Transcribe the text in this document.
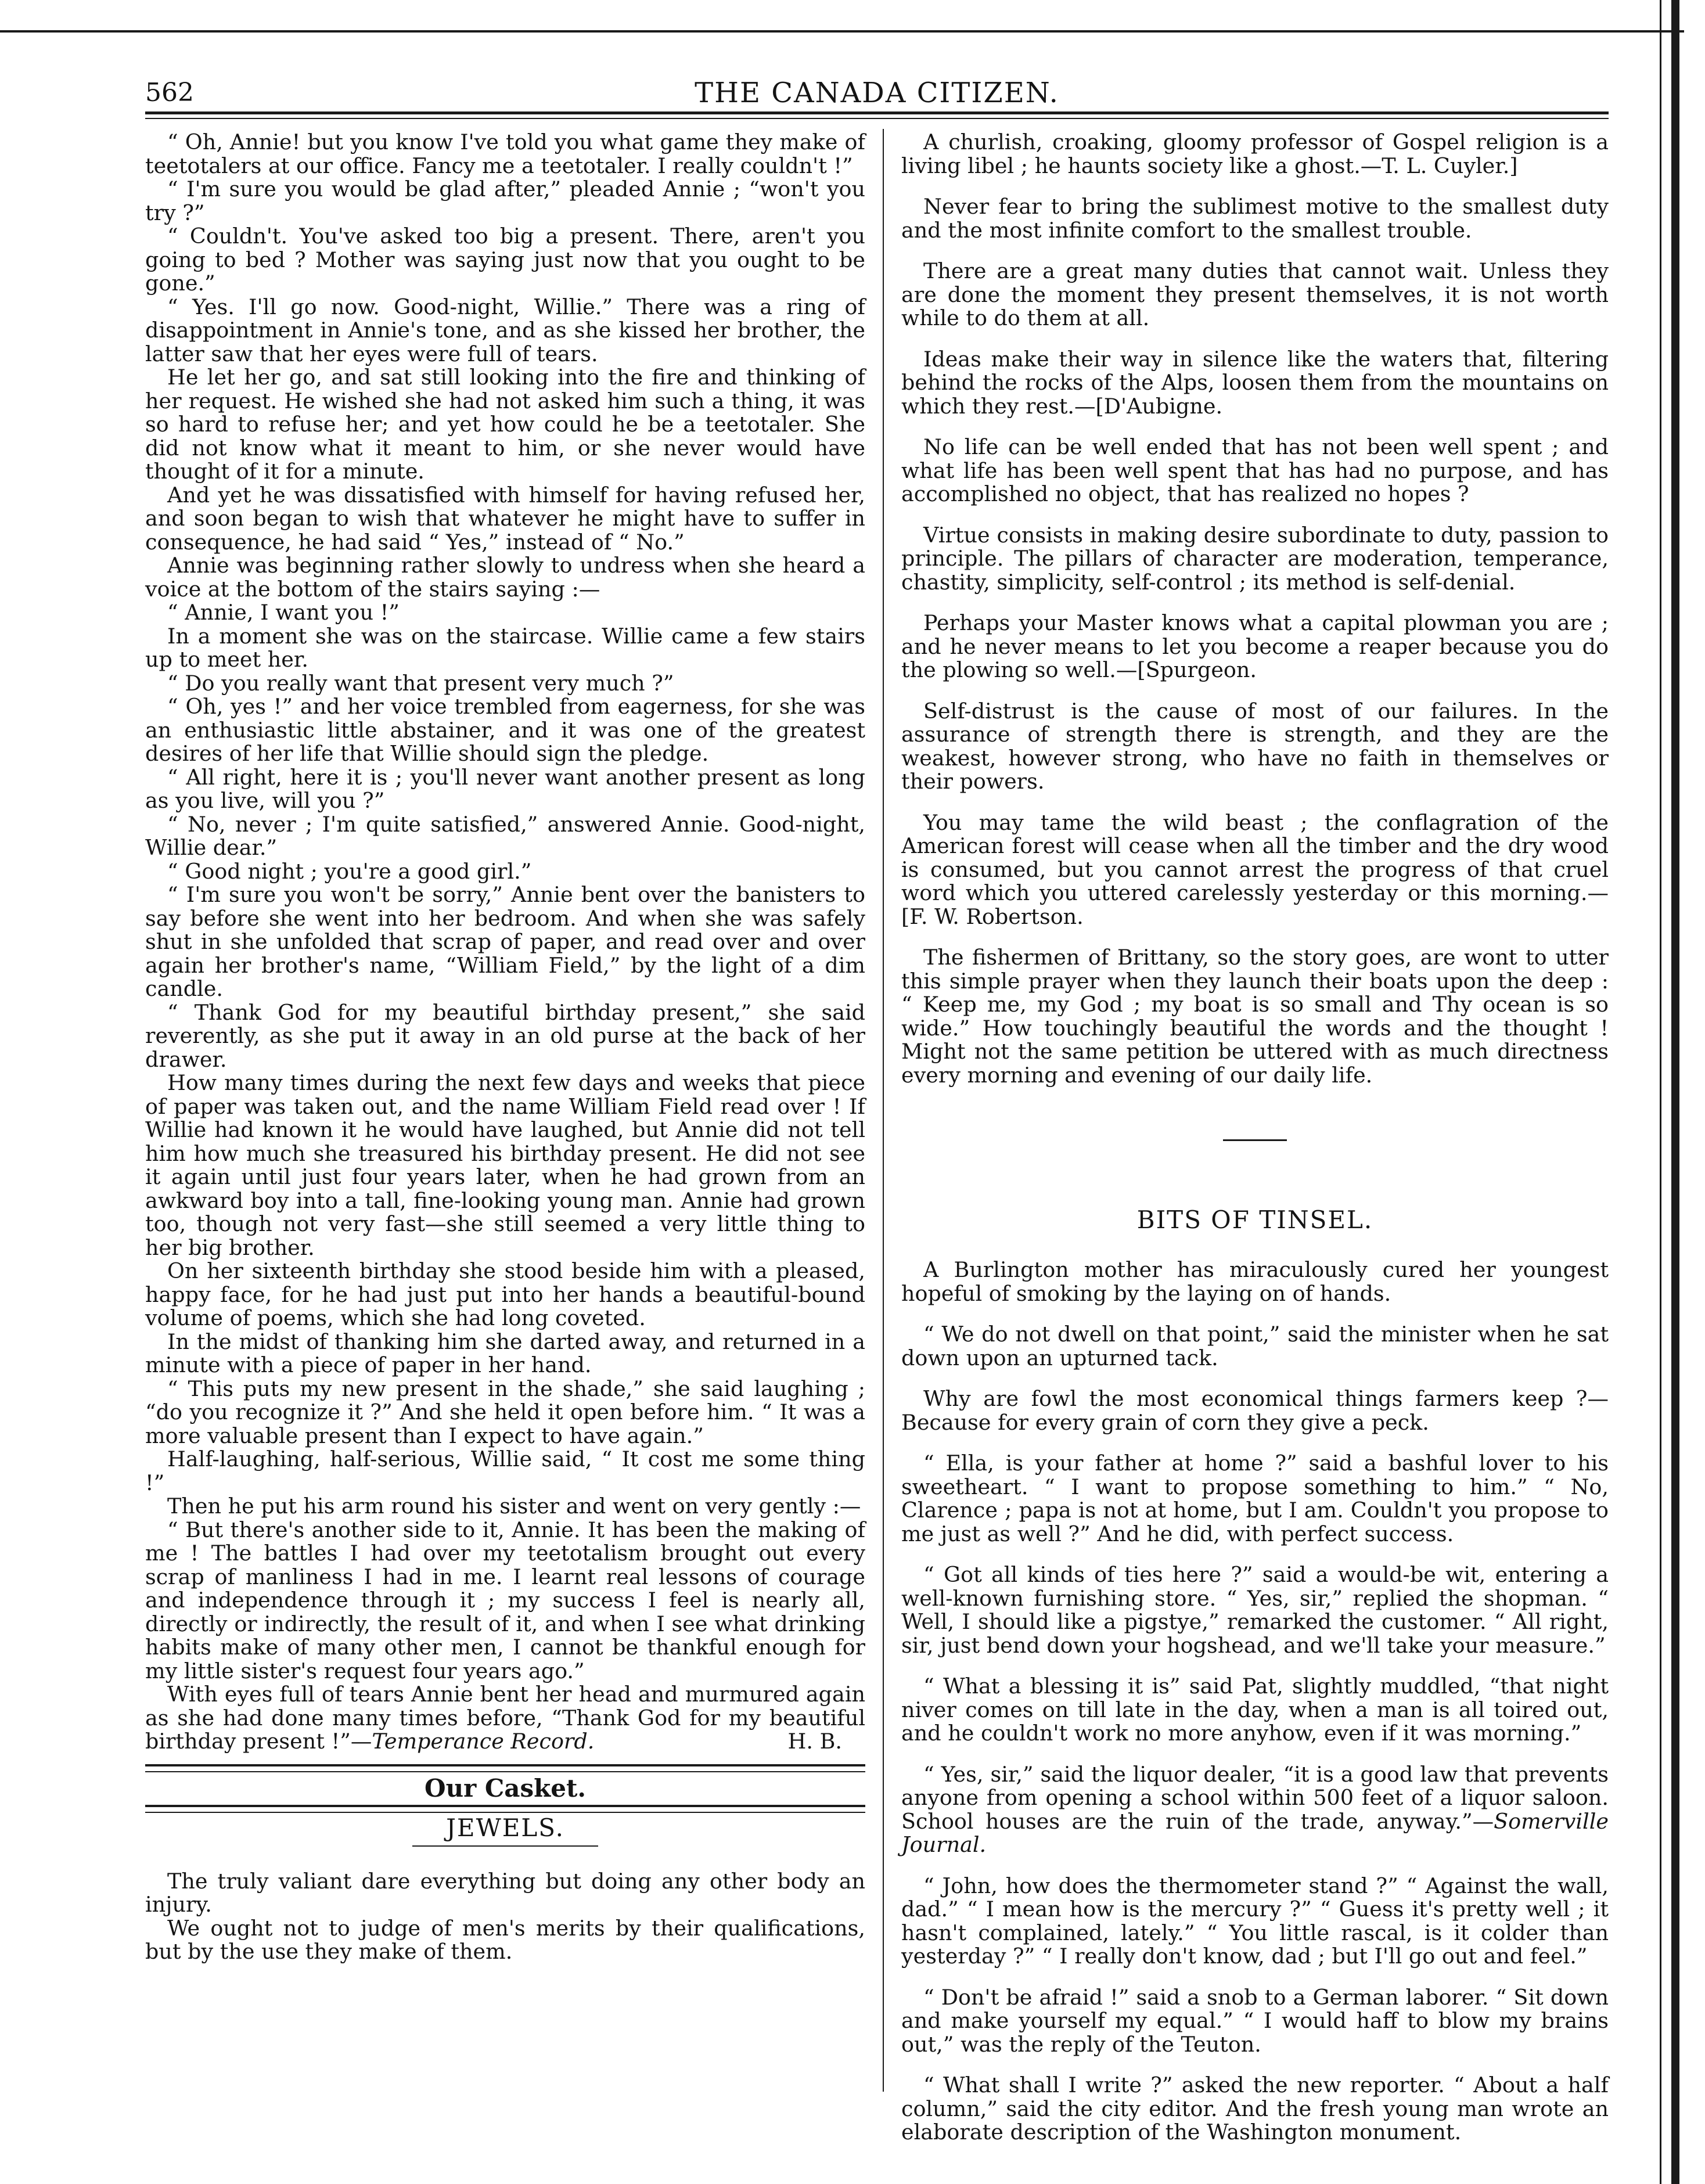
562	THE CANADA CITIZEN.

“ Oh, Annie! but you know I've told you what game they make of teetotalers at our office. Fancy me a teetotaler. I really couldn't !”

“ I'm sure you would be glad after,” pleaded Annie ; “won't you try ?”

“ Couldn't. You've asked too big a present. There, aren't you going to bed ? Mother was saying just now that you ought to be gone.”

“ Yes. I'll go now. Good-night, Willie.” There was a ring of disappointment in Annie's tone, and as she kissed her brother, the latter saw that her eyes were full of tears.

He let her go, and sat still looking into the fire and thinking of her request. He wished she had not asked him such a thing, it was so hard to refuse her; and yet how could he be a teetotaler. She did not know what it meant to him, or she never would have thought of it for a minute.

And yet he was dissatisfied with himself for having refused her, and soon began to wish that whatever he might have to suffer in consequence, he had said “ Yes,” instead of “ No.”

Annie was beginning rather slowly to undress when she heard a voice at the bottom of the stairs saying :—

“ Annie, I want you !”

In a moment she was on the staircase. Willie came a few stairs up to meet her.

“ Do you really want that present very much ?”

“ Oh, yes !” and her voice trembled from eagerness, for she was an enthusiastic little abstainer, and it was one of the greatest desires of her life that Willie should sign the pledge.

“ All right, here it is ; you'll never want another present as long as you live, will you ?”

“ No, never ; I'm quite satisfied,” answered Annie. Good-night, Willie dear.”

“ Good night ; you're a good girl.”

“ I'm sure you won't be sorry,” Annie bent over the banisters to say before she went into her bedroom. And when she was safely shut in she unfolded that scrap of paper, and read over and over again her brother's name, “William Field,” by the light of a dim candle.

“ Thank God for my beautiful birthday present,” she said reverently, as she put it away in an old purse at the back of her drawer.

How many times during the next few days and weeks that piece of paper was taken out, and the name William Field read over ! If Willie had known it he would have laughed, but Annie did not tell him how much she treasured his birthday present. He did not see it again until just four years later, when he had grown from an awkward boy into a tall, fine-looking young man. Annie had grown too, though not very fast—she still seemed a very little thing to her big brother.

On her sixteenth birthday she stood beside him with a pleased, happy face, for he had just put into her hands a beautiful-bound volume of poems, which she had long coveted.

In the midst of thanking him she darted away, and returned in a minute with a piece of paper in her hand.

“ This puts my new present in the shade,” she said laughing ; “do you recognize it ?” And she held it open before him. “ It was a more valuable present than I expect to have again.”

Half-laughing, half-serious, Willie said, “ It cost me some thing !”

Then he put his arm round his sister and went on very gently :—

“ But there's another side to it, Annie. It has been the making of me ! The battles I had over my teetotalism brought out every scrap of manliness I had in me. I learnt real lessons of courage and independence through it ; my success I feel is nearly all, directly or indirectly, the result of it, and when I see what drinking habits make of many other men, I cannot be thankful enough for my little sister's request four years ago.”

With eyes full of tears Annie bent her head and murmured again as she had done many times before, “Thank God for my beautiful birthday present !”—Temperance Record.	H. B.

Our Casket.

JEWELS.

The truly valiant dare everything but doing any other body an injury.

We ought not to judge of men's merits by their qualifications, but by the use they make of them.

A churlish, croaking, gloomy professor of Gospel religion is a living libel ; he haunts society like a ghost.—T. L. Cuyler.]

Never fear to bring the sublimest motive to the smallest duty and the most infinite comfort to the smallest trouble.

There are a great many duties that cannot wait. Unless they are done the moment they present themselves, it is not worth while to do them at all.

Ideas make their way in silence like the waters that, filtering behind the rocks of the Alps, loosen them from the mountains on which they rest.—[D'Aubigne.

No life can be well ended that has not been well spent ; and what life has been well spent that has had no purpose, and has accomplished no object, that has realized no hopes ?

Virtue consists in making desire subordinate to duty, passion to principle. The pillars of character are moderation, temperance, chastity, simplicity, self-control ; its method is self-denial.

Perhaps your Master knows what a capital plowman you are ; and he never means to let you become a reaper because you do the plowing so well.—[Spurgeon.

Self-distrust is the cause of most of our failures. In the assurance of strength there is strength, and they are the weakest, however strong, who have no faith in themselves or their powers.

You may tame the wild beast ; the conflagration of the American forest will cease when all the timber and the dry wood is consumed, but you cannot arrest the progress of that cruel word which you uttered carelessly yesterday or this morning.—[F. W. Robertson.

The fishermen of Brittany, so the story goes, are wont to utter this simple prayer when they launch their boats upon the deep : “ Keep me, my God ; my boat is so small and Thy ocean is so wide.” How touchingly beautiful the words and the thought ! Might not the same petition be uttered with as much directness every morning and evening of our daily life.

BITS OF TINSEL.

A Burlington mother has miraculously cured her youngest hopeful of smoking by the laying on of hands.

“ We do not dwell on that point,” said the minister when he sat down upon an upturned tack.

Why are fowl the most economical things farmers keep ?—Because for every grain of corn they give a peck.

“ Ella, is your father at home ?” said a bashful lover to his sweetheart. “ I want to propose something to him.” “ No, Clarence ; papa is not at home, but I am. Couldn't you propose to me just as well ?” And he did, with perfect success.

“ Got all kinds of ties here ?” said a would-be wit, entering a well-known furnishing store. “ Yes, sir,” replied the shopman. “ Well, I should like a pigstye,” remarked the customer. “ All right, sir, just bend down your hogshead, and we'll take your measure.”

“ What a blessing it is” said Pat, slightly muddled, “that night niver comes on till late in the day, when a man is all toired out, and he couldn't work no more anyhow, even if it was morning.”

“ Yes, sir,” said the liquor dealer, “it is a good law that prevents anyone from opening a school within 500 feet of a liquor saloon. School houses are the ruin of the trade, anyway.”—Somerville Journal.

“ John, how does the thermometer stand ?” “ Against the wall, dad.” “ I mean how is the mercury ?” “ Guess it's pretty well ; it hasn't complained, lately.” “ You little rascal, is it colder than yesterday ?” “ I really don't know, dad ; but I'll go out and feel.”

“ Don't be afraid !” said a snob to a German laborer. “ Sit down and make yourself my equal.” “ I would haff to blow my brains out,” was the reply of the Teuton.

“ What shall I write ?” asked the new reporter. “ About a half column,” said the city editor. And the fresh young man wrote an elaborate description of the Washington monument.
